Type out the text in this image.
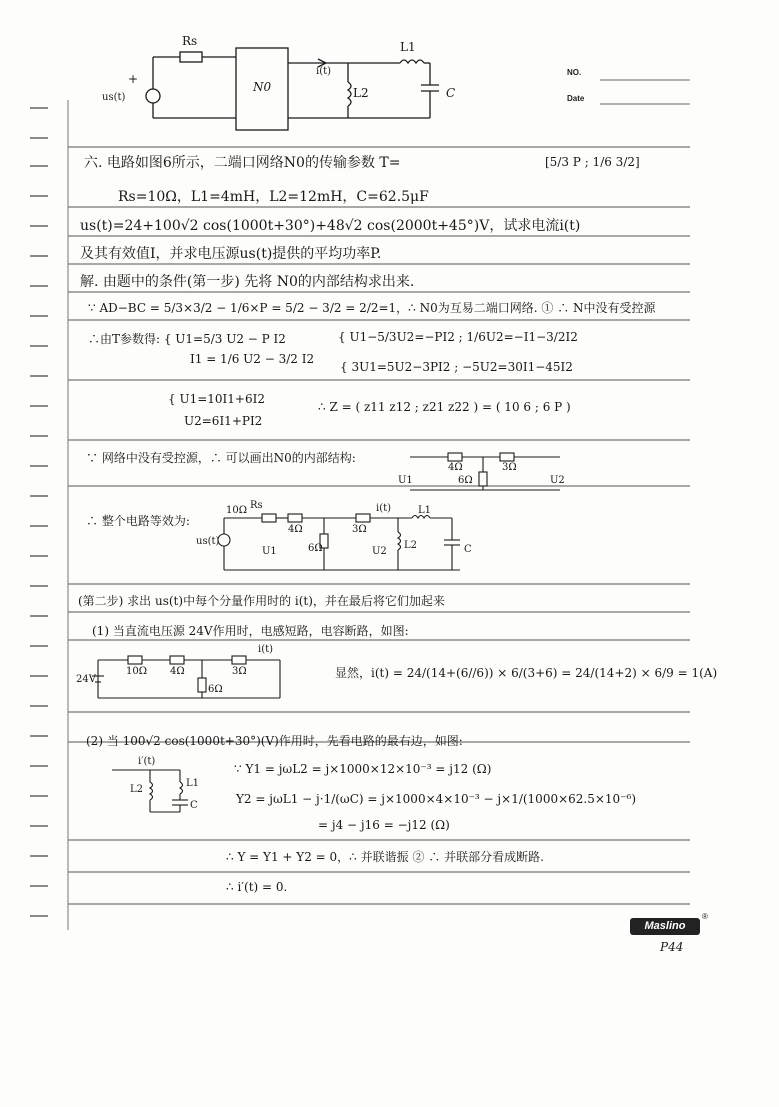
NO.
Date
Rs
N0
L1
L2	C
+
us(t)
i(t)
六. 电路如图6所示，二端口网络N0的传输参数 T=	[5/3 P ; 1/6 3/2]
Rs=10Ω，L1=4mH，L2=12mH，C=62.5μF
us(t)=24+100√2 cos(1000t+30°)+48√2 cos(2000t+45°)V，试求电流i(t)
及其有效值I，并求电压源us(t)提供的平均功率P.
解. 由题中的条件(第一步) 先将 N0的内部结构求出来.
∵ AD−BC = 5/3×3/2 − 1/6×P = 5/2 − 3/2 = 2/2=1，∴ N0为互易二端口网络. ① ∴ N中没有受控源
∴由T参数得: { U1=5/3 U2 − P I2
I1 = 1/6 U2 − 3/2 I2
{ U1−5/3U2=−PI2 ; 1/6U2=−I1−3/2I2
{ 3U1=5U2−3PI2 ; −5U2=30I1−45I2
{ U1=10I1+6I2
U2=6I1+PI2
∴ Z = ( z11 z12 ; z21 z22 ) = ( 10 6 ; 6 P )
∵ 网络中没有受控源，∴ 可以画出N0的内部结构:
4Ω	3Ω
6Ω
U1	U2
∴ 整个电路等效为:
Rs
10Ω
4Ω	3Ω
6Ω
L1
L2	C
U1	U2
us(t)
i(t)
(第二步) 求出 us(t)中每个分量作用时的 i(t)，并在最后将它们加起来
(1) 当直流电压源 24V作用时，电感短路，电容断路，如图:
10Ω 4Ω	3Ω
6Ω
24V
i(t)
显然，i(t) = 24/(14+(6//6)) × 6/(3+6) = 24/(14+2) × 6/9 = 1(A)
(2) 当 100√2 cos(1000t+30°)(V)作用时，先看电路的最右边，如图:
i′(t)
L2
L1
C
∵ Y1 = jωL2 = j×1000×12×10⁻³ = j12 (Ω)
Y2 = jωL1 − j·1/(ωC) = j×1000×4×10⁻³ − j×1/(1000×62.5×10⁻⁶)
= j4 − j16 = −j12 (Ω)
∴ Y = Y1 + Y2 = 0，∴ 并联谐振 ② ∴ 并联部分看成断路.
∴ i′(t) = 0.
Maslino
®
P44
